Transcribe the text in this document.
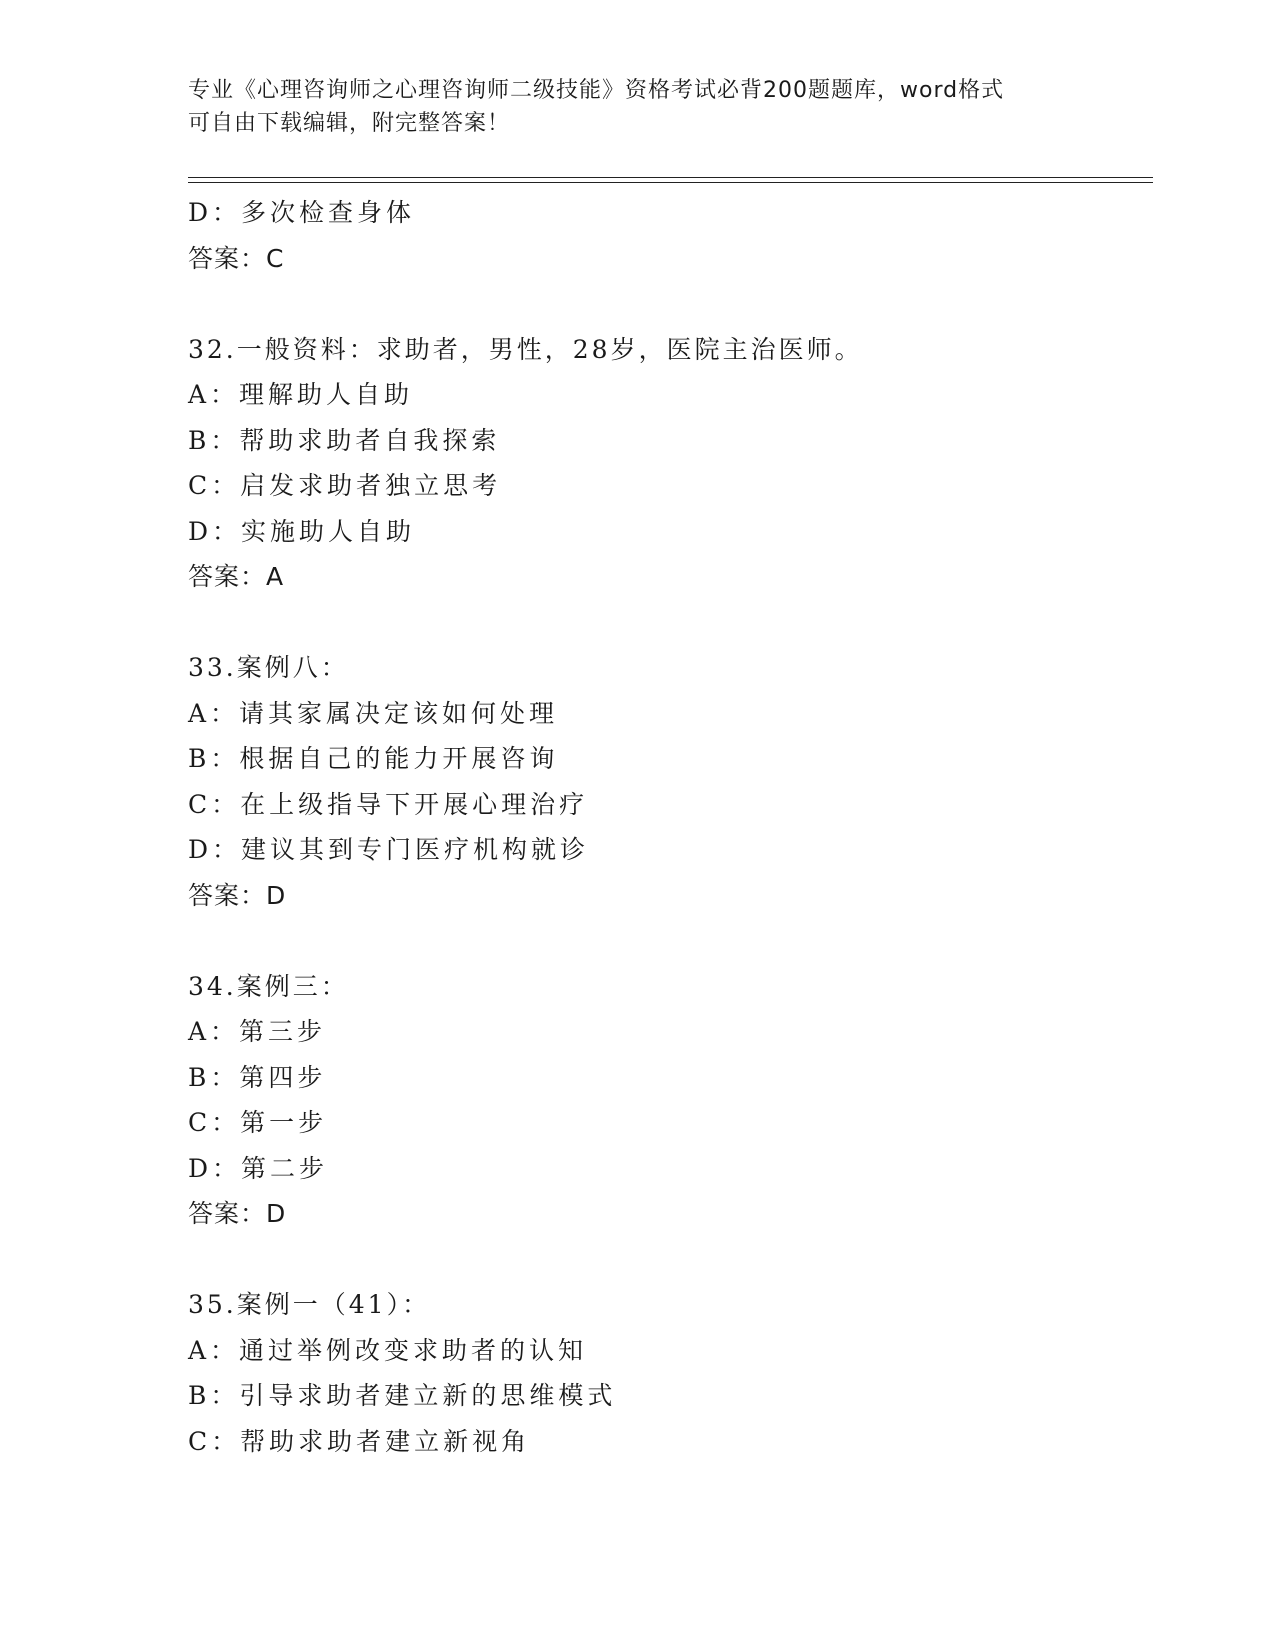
专业《心理咨询师之心理咨询师二级技能》资格考试必背200题题库，word格式
可自由下载编辑，附完整答案！
D：多次检查身体
答案：C
32.一般资料：求助者，男性，28岁，医院主治医师。
A：理解助人自助
B：帮助求助者自我探索
C：启发求助者独立思考
D：实施助人自助
答案：A
33.案例八：
A：请其家属决定该如何处理
B：根据自己的能力开展咨询
C：在上级指导下开展心理治疗
D：建议其到专门医疗机构就诊
答案：D
34.案例三：
A：第三步
B：第四步
C：第一步
D：第二步
答案：D
35.案例一（41）：
A：通过举例改变求助者的认知
B：引导求助者建立新的思维模式
C：帮助求助者建立新视角
